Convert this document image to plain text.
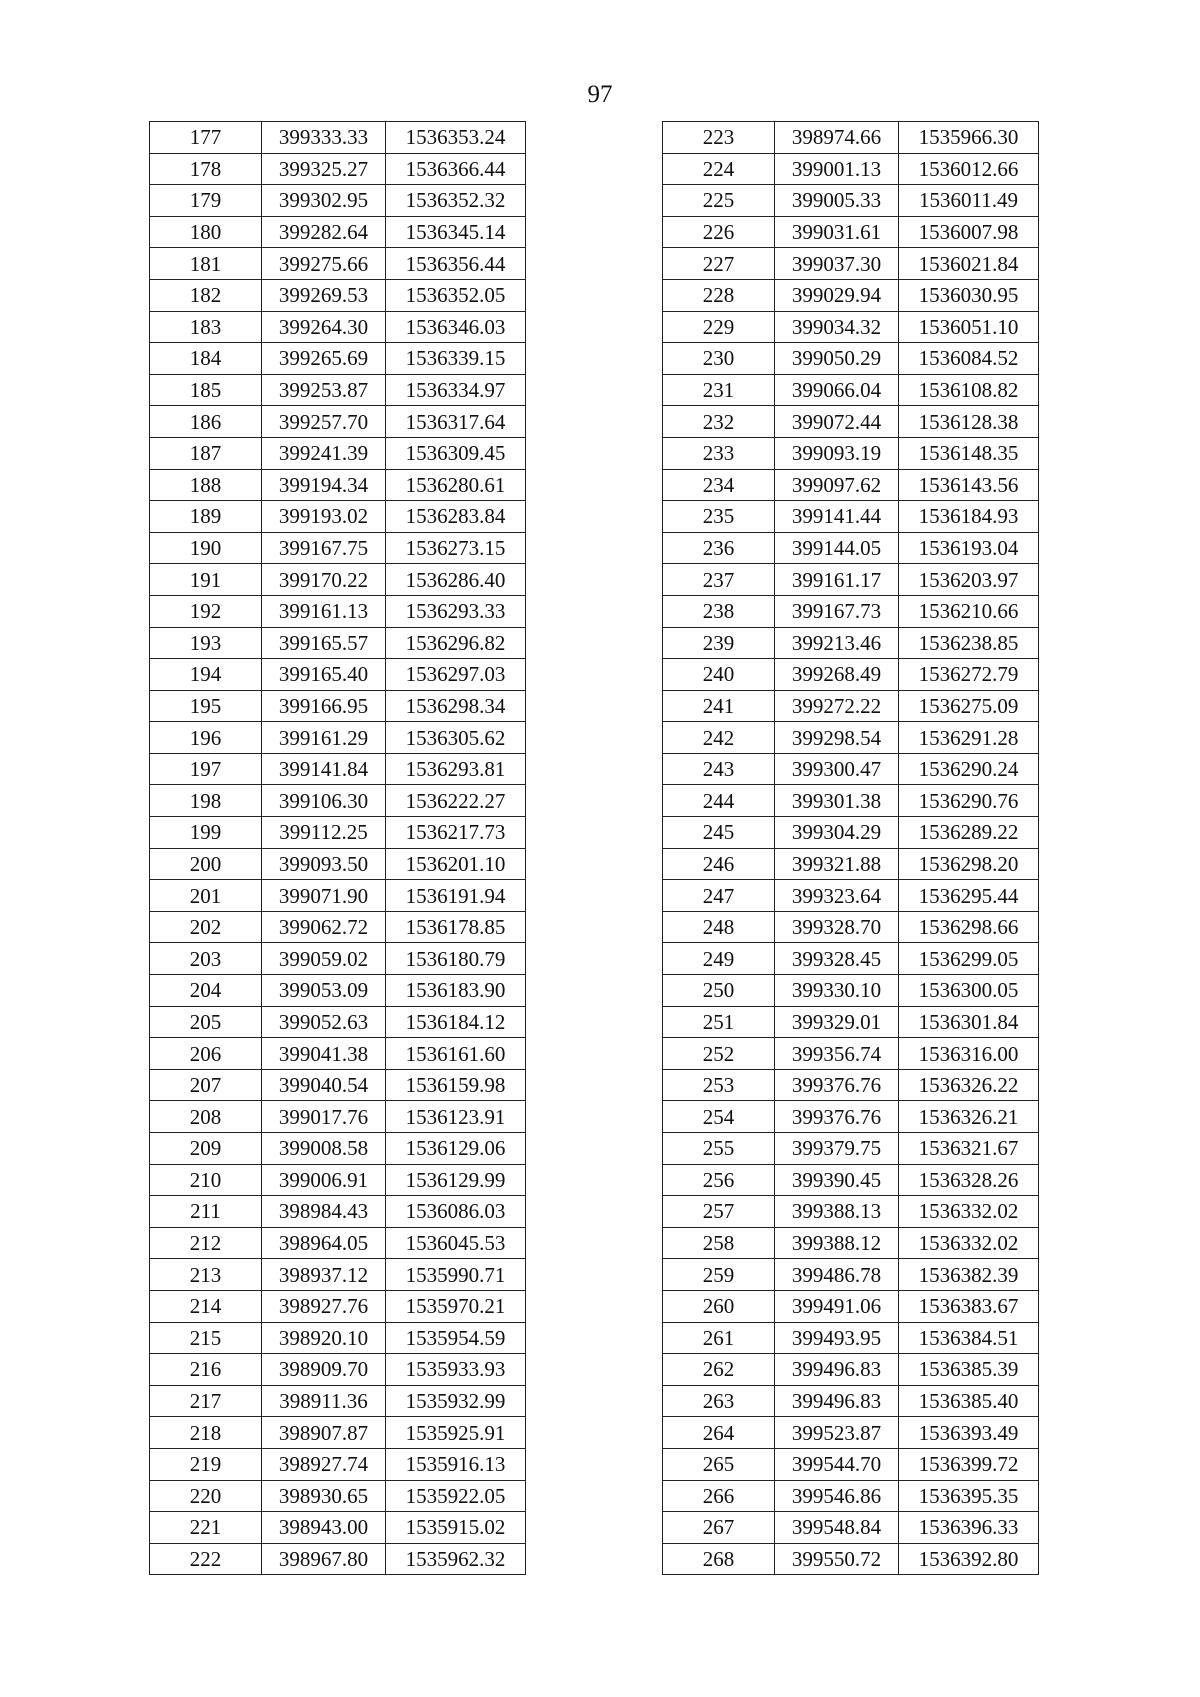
97
177	399333.33	1536353.24
178	399325.27	1536366.44
179	399302.95	1536352.32
180	399282.64	1536345.14
181	399275.66	1536356.44
182	399269.53	1536352.05
183	399264.30	1536346.03
184	399265.69	1536339.15
185	399253.87	1536334.97
186	399257.70	1536317.64
187	399241.39	1536309.45
188	399194.34	1536280.61
189	399193.02	1536283.84
190	399167.75	1536273.15
191	399170.22	1536286.40
192	399161.13	1536293.33
193	399165.57	1536296.82
194	399165.40	1536297.03
195	399166.95	1536298.34
196	399161.29	1536305.62
197	399141.84	1536293.81
198	399106.30	1536222.27
199	399112.25	1536217.73
200	399093.50	1536201.10
201	399071.90	1536191.94
202	399062.72	1536178.85
203	399059.02	1536180.79
204	399053.09	1536183.90
205	399052.63	1536184.12
206	399041.38	1536161.60
207	399040.54	1536159.98
208	399017.76	1536123.91
209	399008.58	1536129.06
210	399006.91	1536129.99
211	398984.43	1536086.03
212	398964.05	1536045.53
213	398937.12	1535990.71
214	398927.76	1535970.21
215	398920.10	1535954.59
216	398909.70	1535933.93
217	398911.36	1535932.99
218	398907.87	1535925.91
219	398927.74	1535916.13
220	398930.65	1535922.05
221	398943.00	1535915.02
222	398967.80	1535962.32
223	398974.66	1535966.30
224	399001.13	1536012.66
225	399005.33	1536011.49
226	399031.61	1536007.98
227	399037.30	1536021.84
228	399029.94	1536030.95
229	399034.32	1536051.10
230	399050.29	1536084.52
231	399066.04	1536108.82
232	399072.44	1536128.38
233	399093.19	1536148.35
234	399097.62	1536143.56
235	399141.44	1536184.93
236	399144.05	1536193.04
237	399161.17	1536203.97
238	399167.73	1536210.66
239	399213.46	1536238.85
240	399268.49	1536272.79
241	399272.22	1536275.09
242	399298.54	1536291.28
243	399300.47	1536290.24
244	399301.38	1536290.76
245	399304.29	1536289.22
246	399321.88	1536298.20
247	399323.64	1536295.44
248	399328.70	1536298.66
249	399328.45	1536299.05
250	399330.10	1536300.05
251	399329.01	1536301.84
252	399356.74	1536316.00
253	399376.76	1536326.22
254	399376.76	1536326.21
255	399379.75	1536321.67
256	399390.45	1536328.26
257	399388.13	1536332.02
258	399388.12	1536332.02
259	399486.78	1536382.39
260	399491.06	1536383.67
261	399493.95	1536384.51
262	399496.83	1536385.39
263	399496.83	1536385.40
264	399523.87	1536393.49
265	399544.70	1536399.72
266	399546.86	1536395.35
267	399548.84	1536396.33
268	399550.72	1536392.80
